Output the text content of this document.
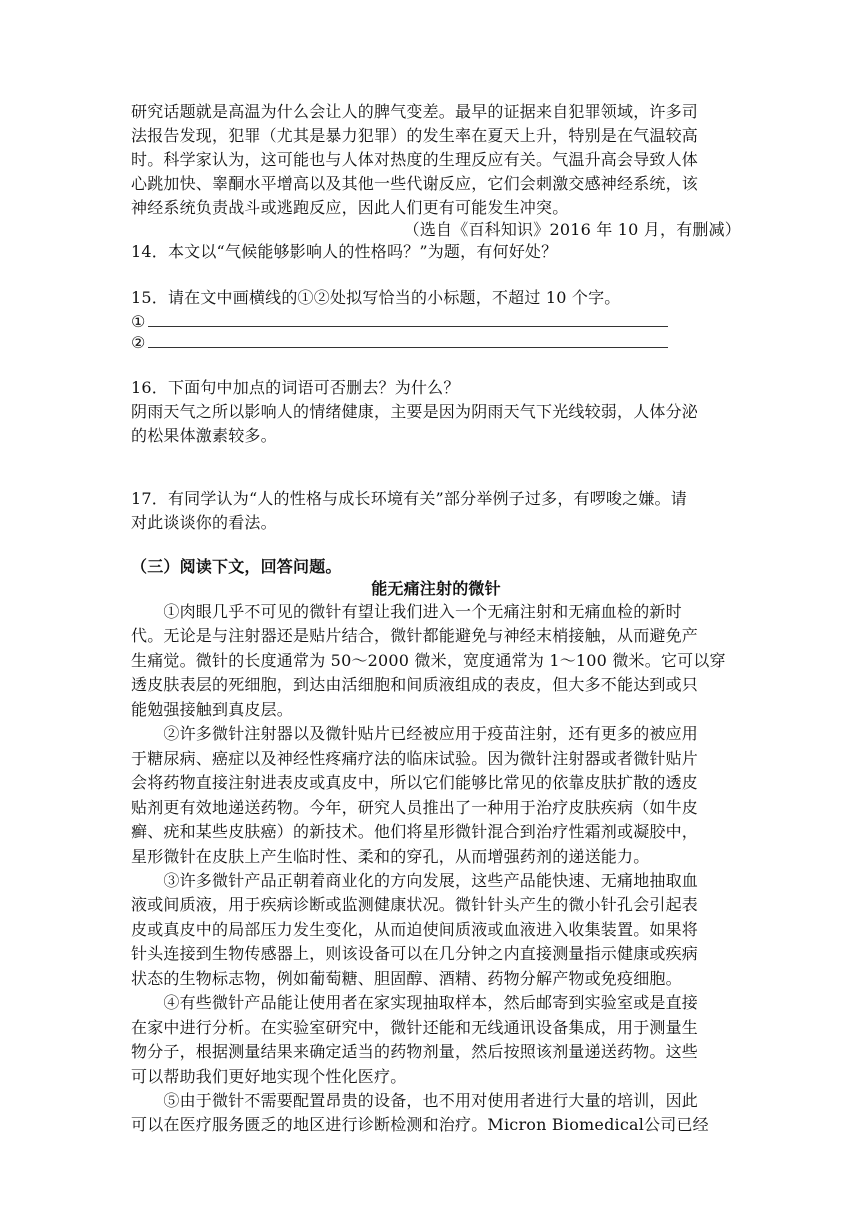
研究话题就是高温为什么会让人的脾气变差。最早的证据来自犯罪领域，许多司
法报告发现，犯罪（尤其是暴力犯罪）的发生率在夏天上升，特别是在气温较高
时。科学家认为，这可能也与人体对热度的生理反应有关。气温升高会导致人体
心跳加快、睾酮水平增高以及其他一些代谢反应，它们会刺激交感神经系统，该
神经系统负责战斗或逃跑反应，因此人们更有可能发生冲突。
（选自《百科知识》2016 年 10 月，有删减）
14．本文以“气候能够影响人的性格吗？”为题，有何好处？
15．请在文中画横线的①②处拟写恰当的小标题，不超过 10 个字。
①
②
16．下面句中加点的词语可否删去？为什么？
阴雨天气之所以影响人的情绪健康，主要是因为阴雨天气下光线较弱，人体分泌
的松果体激素较多。
17．有同学认为“人的性格与成长环境有关”部分举例子过多，有啰唆之嫌。请
对此谈谈你的看法。
（三）阅读下文，回答问题。
能无痛注射的微针
　　①肉眼几乎不可见的微针有望让我们进入一个无痛注射和无痛血检的新时
代。无论是与注射器还是贴片结合，微针都能避免与神经末梢接触，从而避免产
生痛觉。微针的长度通常为 50～2000 微米，宽度通常为 1～100 微米。它可以穿
透皮肤表层的死细胞，到达由活细胞和间质液组成的表皮，但大多不能达到或只
能勉强接触到真皮层。
　　②许多微针注射器以及微针贴片已经被应用于疫苗注射，还有更多的被应用
于糖尿病、癌症以及神经性疼痛疗法的临床试验。因为微针注射器或者微针贴片
会将药物直接注射进表皮或真皮中，所以它们能够比常见的依靠皮肤扩散的透皮
贴剂更有效地递送药物。今年，研究人员推出了一种用于治疗皮肤疾病（如牛皮
癣、疣和某些皮肤癌）的新技术。他们将星形微针混合到治疗性霜剂或凝胶中，
星形微针在皮肤上产生临时性、柔和的穿孔，从而增强药剂的递送能力。
　　③许多微针产品正朝着商业化的方向发展，这些产品能快速、无痛地抽取血
液或间质液，用于疾病诊断或监测健康状况。微针针头产生的微小针孔会引起表
皮或真皮中的局部压力发生变化，从而迫使间质液或血液进入收集装置。如果将
针头连接到生物传感器上，则该设备可以在几分钟之内直接测量指示健康或疾病
状态的生物标志物，例如葡萄糖、胆固醇、酒精、药物分解产物或免疫细胞。
　　④有些微针产品能让使用者在家实现抽取样本，然后邮寄到实验室或是直接
在家中进行分析。在实验室研究中，微针还能和无线通讯设备集成，用于测量生
物分子，根据测量结果来确定适当的药物剂量，然后按照该剂量递送药物。这些
可以帮助我们更好地实现个性化医疗。
　　⑤由于微针不需要配置昂贵的设备，也不用对使用者进行大量的培训，因此
可以在医疗服务匮乏的地区进行诊断检测和治疗。Micron Biomedical公司已经
